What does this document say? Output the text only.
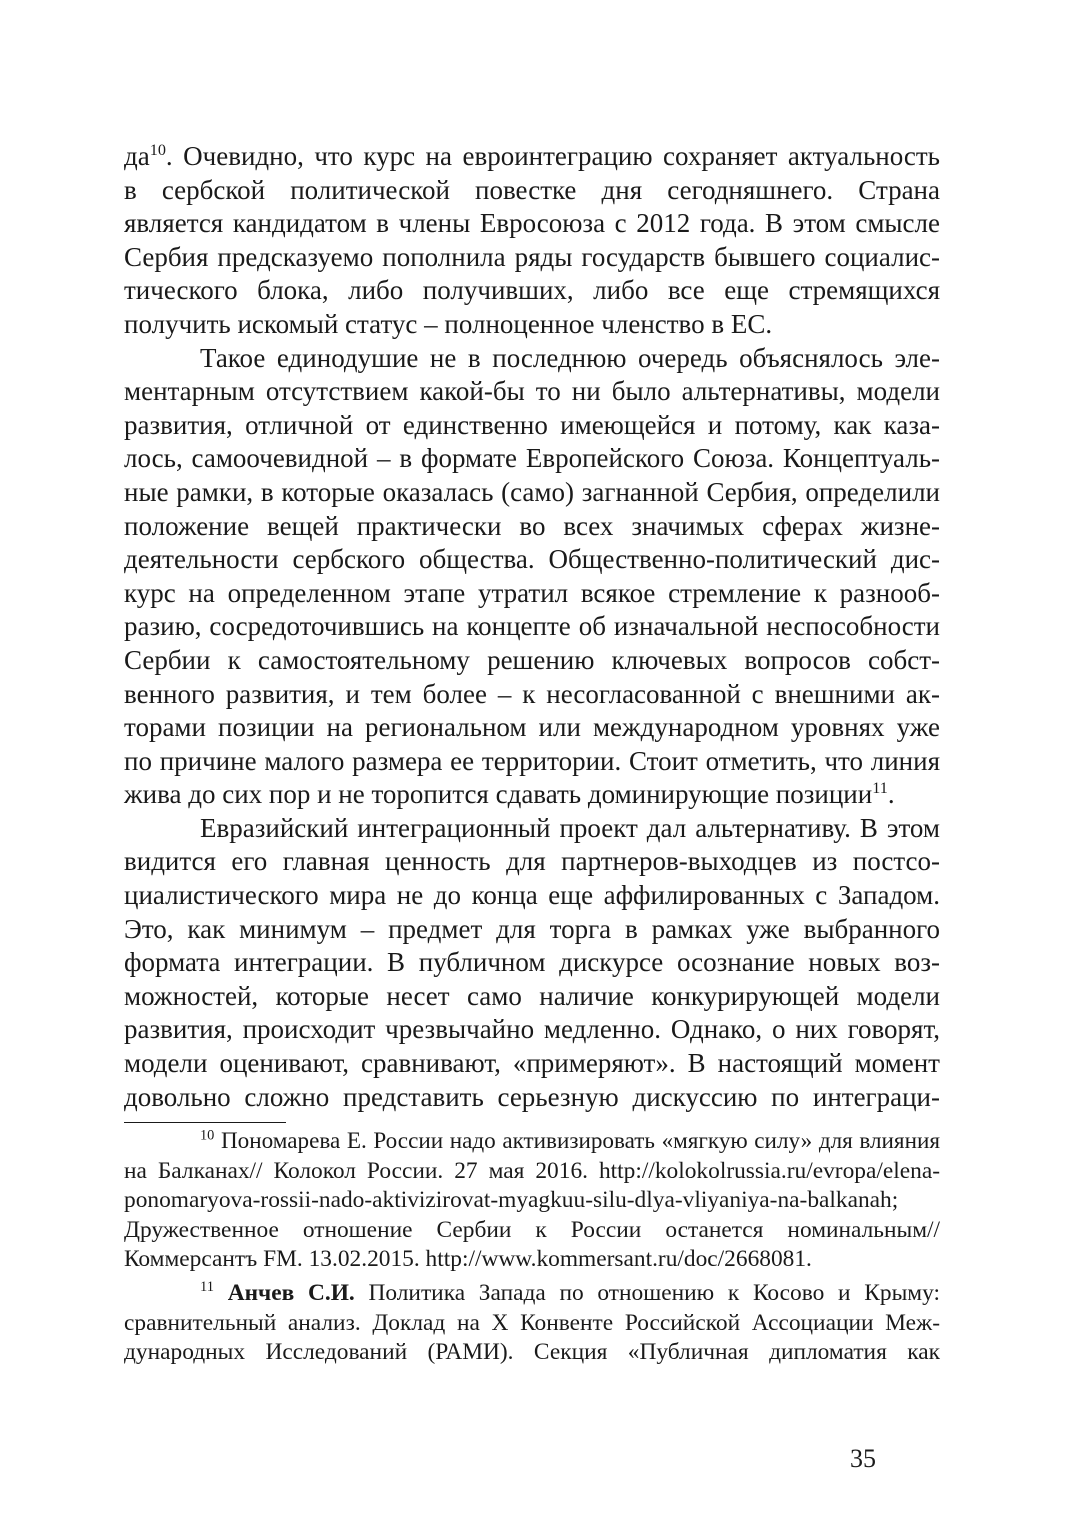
$да^{10}$. Очевидно, что курс на евроинтеграцию сохраняет актуальность
в сербской политической повестке дня сегодняшнего. Страна
является кандидатом в члены Евросоюза с 2012 года. В этом смысле
Сербия предсказуемо пополнила ряды государств бывшего социалис-
тического блока, либо получивших, либо все еще стремящихся
получить искомый статус – полноценное членство в ЕС.
Такое единодушие не в последнюю очередь объяснялось эле-
ментарным отсутствием какой-бы то ни было альтернативы, модели
развития, отличной от единственно имеющейся и потому, как каза-
лось, самоочевидной – в формате Европейского Союза. Концептуаль-
ные рамки, в которые оказалась (само) загнанной Сербия, определили
положение вещей практически во всех значимых сферах жизне-
деятельности сербского общества. Общественно-политический дис-
курс на определенном этапе утратил всякое стремление к разнооб-
разию, сосредоточившись на концепте об изначальной неспособности
Сербии к самостоятельному решению ключевых вопросов собст-
венного развития, и тем более – к несогласованной с внешними ак-
торами позиции на региональном или международном уровнях уже
по причине малого размера ее территории. Стоит отметить, что линия
жива до сих пор и не торопится сдавать доминирующие позиции$^{11}$.
Евразийский интеграционный проект дал альтернативу. В этом
видится его главная ценность для партнеров-выходцев из постсо-
циалистического мира не до конца еще аффилированных с Западом.
Это, как минимум – предмет для торга в рамках уже выбранного
формата интеграции. В публичном дискурсе осознание новых воз-
можностей, которые несет само наличие конкурирующей модели
развития, происходит чрезвычайно медленно. Однако, о них говорят,
модели оценивают, сравнивают, «примеряют». В настоящий момент
довольно сложно представить серьезную дискуссию по интеграци-
$^{10}$ Пономарева Е. России надо активизировать «мягкую силу» для влияния
на Балканах// Колокол России. 27 мая 2016. http://kolokolrussia.ru/evropa/elena-
ponomaryova-rossii-nado-aktivizirovat-myagkuu-silu-dlya-vliyaniya-na-balkanah;
Дружественное отношение Сербии к России останется номинальным//
Коммерсантъ FM. 13.02.2015. http://www.kommersant.ru/doc/2668081.
$^{11}$ Анчев С.И. Политика Запада по отношению к Косово и Крыму:
сравнительный анализ. Доклад на X Конвенте Российской Ассоциации Меж-
дународных Исследований (РАМИ). Секция «Публичная дипломатия как
35
